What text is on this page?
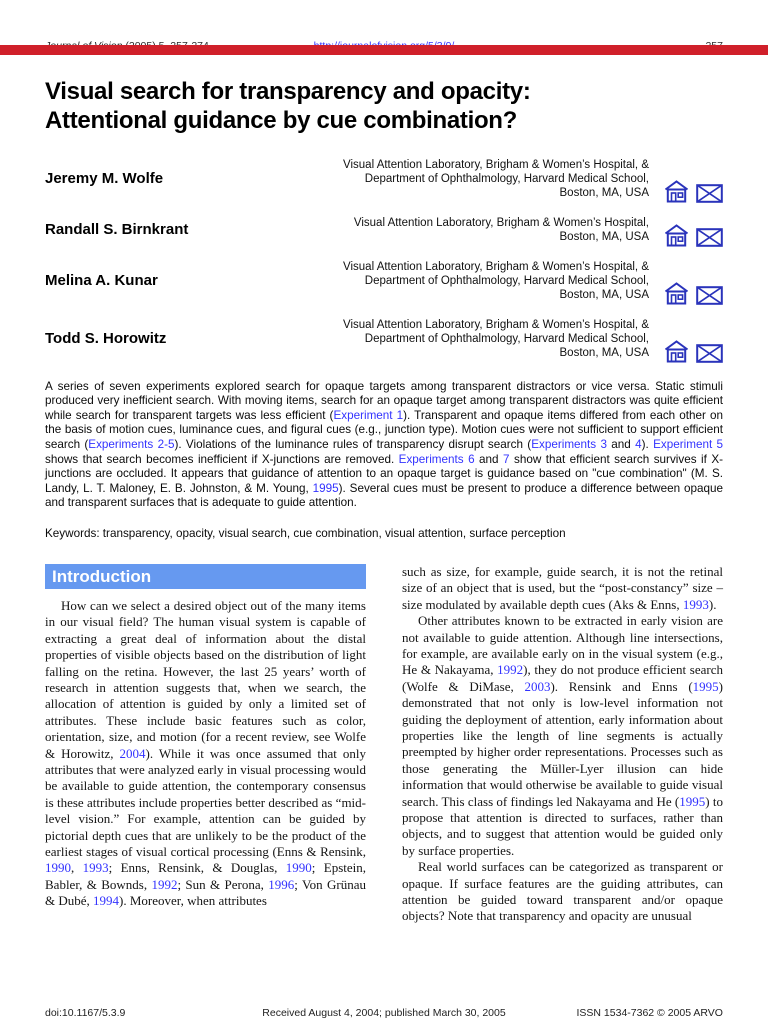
Visual search for transparency and opacity:
Attentional guidance by cue combination?
Jeremy M. Wolfe
Visual Attention Laboratory, Brigham & Women’s Hospital, &
Department of Ophthalmology, Harvard Medical School,
Boston, MA, USA
Randall S. Birnkrant	Visual Attention Laboratory, Brigham & Women’s Hospital,
Boston, MA, USA
Melina A. Kunar
Visual Attention Laboratory, Brigham & Women’s Hospital, &
Department of Ophthalmology, Harvard Medical School,
Boston, MA, USA
Todd S. Horowitz
Visual Attention Laboratory, Brigham & Women’s Hospital, &
Department of Ophthalmology, Harvard Medical School,
Boston, MA, USA
A series of seven experiments explored search for opaque targets among transparent distractors or vice versa. Static stimuli produced very inefficient search. With moving items, search for an opaque target among transparent distractors was quite efficient while search for transparent targets was less efficient (Experiment 1). Transparent and opaque items differed from each other on the basis of motion cues, luminance cues, and figural cues (e.g., junction type). Motion cues were not sufficient to support efficient search (Experiments 2-5). Violations of the luminance rules of transparency disrupt search (Experiments 3 and 4). Experiment 5 shows that search becomes inefficient if X-junctions are removed. Experiments 6 and 7 show that efficient search survives if X-junctions are occluded. It appears that guidance of attention to an opaque target is guidance based on "cue combination" (M. S. Landy, L. T. Maloney, E. B. Johnston, & M. Young, 1995). Several cues must be present to produce a difference between opaque and transparent surfaces that is adequate to guide attention.
Keywords: transparency, opacity, visual search, cue combination, visual attention, surface perception
Introduction

How can we select a desired object out of the many items in our visual field? The human visual system is capable of extracting a great deal of information about the distal properties of visible objects based on the distribution of light falling on the retina. However, the last 25 years’ worth of research in attention suggests that, when we search, the allocation of attention is guided by only a limited set of attributes. These include basic features such as color, orientation, size, and motion (for a recent review, see Wolfe & Horowitz, 2004). While it was once assumed that only attributes that were analyzed early in visual processing would be available to guide attention, the contemporary consensus is these attributes include properties better described as “mid-level vision.” For example, attention can be guided by pictorial depth cues that are unlikely to be the product of the earliest stages of visual cortical processing (Enns & Rensink, 1990, 1993; Enns, Rensink, & Douglas, 1990; Epstein, Babler, & Bownds, 1992; Sun & Perona, 1996; Von Grünau & Dubé, 1994). Moreover, when attributes

such as size, for example, guide search, it is not the retinal size of an object that is used, but the “post-constancy” size – size modulated by available depth cues (Aks & Enns, 1993).

Other attributes known to be extracted in early vision are not available to guide attention. Although line intersections, for example, are available early on in the visual system (e.g., He & Nakayama, 1992), they do not produce efficient search (Wolfe & DiMase, 2003). Rensink and Enns (1995) demonstrated that not only is low-level information not guiding the deployment of attention, early information about properties like the length of line segments is actually preempted by higher order representations. Processes such as those generating the Müller-Lyer illusion can hide information that would otherwise be available to guide visual search. This class of findings led Nakayama and He (1995) to propose that attention is directed to surfaces, rather than objects, and to suggest that attention would be guided only by surface properties.

Real world surfaces can be categorized as transparent or opaque. If surface features are the guiding attributes, can attention be guided toward transparent and/or opaque objects? Note that transparency and opacity are unusual

doi:10.1167/5.3.9	Received August 4, 2004; published March 30, 2005	ISSN 1534-7362 © 2005 ARVO
